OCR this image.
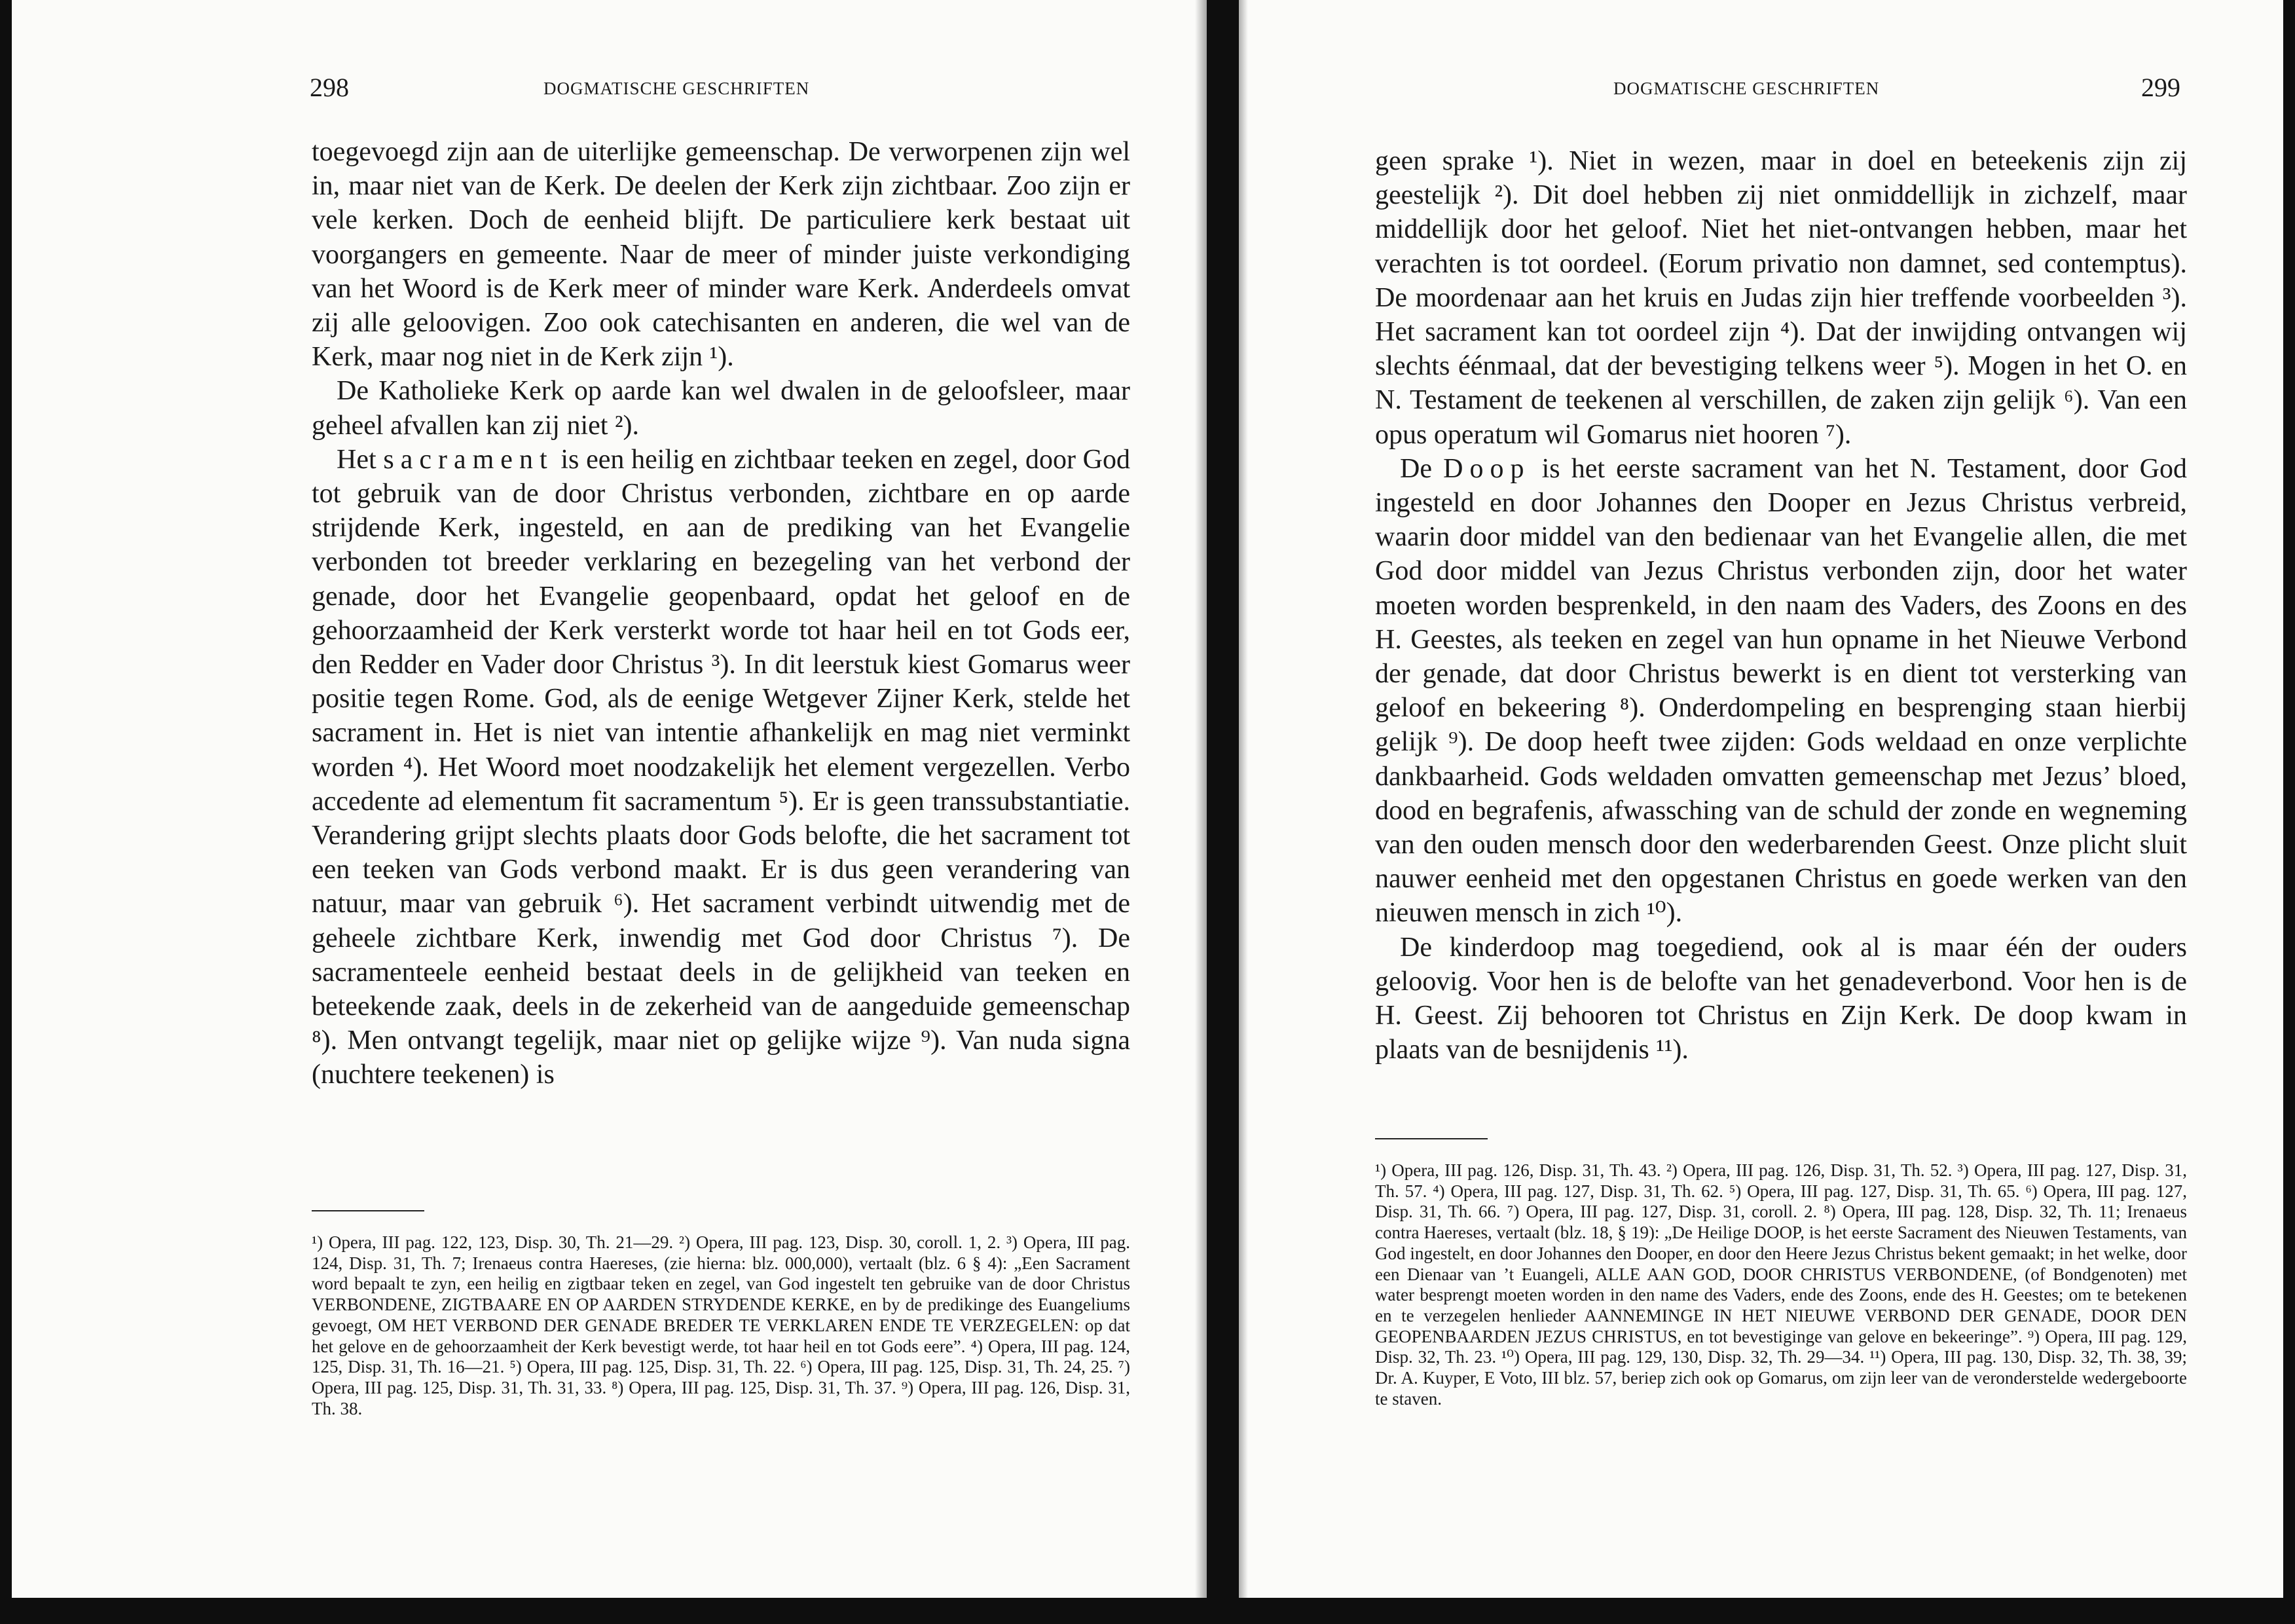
298	DOGMATISCHE GESCHRIFTEN

toegevoegd zijn aan de uiterlijke gemeenschap. De verworpenen zijn wel in, maar niet van de Kerk. De deelen der Kerk zijn zichtbaar. Zoo zijn er vele kerken. Doch de eenheid blijft. De particuliere kerk bestaat uit voorgangers en gemeente. Naar de meer of minder juiste verkondiging van het Woord is de Kerk meer of minder ware Kerk. Anderdeels omvat zij alle geloovigen. Zoo ook catechisanten en anderen, die wel van de Kerk, maar nog niet in de Kerk zijn ¹).

De Katholieke Kerk op aarde kan wel dwalen in de geloofsleer, maar geheel afvallen kan zij niet ²).

Het sacrament is een heilig en zichtbaar teeken en zegel, door God tot gebruik van de door Christus verbonden, zichtbare en op aarde strijdende Kerk, ingesteld, en aan de prediking van het Evangelie verbonden tot breeder verklaring en bezegeling van het verbond der genade, door het Evangelie geopenbaard, opdat het geloof en de gehoorzaamheid der Kerk versterkt worde tot haar heil en tot Gods eer, den Redder en Vader door Christus ³). In dit leerstuk kiest Gomarus weer positie tegen Rome. God, als de eenige Wetgever Zijner Kerk, stelde het sacrament in. Het is niet van intentie afhankelijk en mag niet verminkt worden ⁴). Het Woord moet noodzakelijk het element vergezellen. Verbo accedente ad elementum fit sacramentum ⁵). Er is geen transsubstantiatie. Verandering grijpt slechts plaats door Gods belofte, die het sacrament tot een teeken van Gods verbond maakt. Er is dus geen verandering van natuur, maar van gebruik ⁶). Het sacrament verbindt uitwendig met de geheele zichtbare Kerk, inwendig met God door Christus ⁷). De sacramenteele eenheid bestaat deels in de gelijkheid van teeken en beteekende zaak, deels in de zekerheid van de aangeduide gemeenschap ⁸). Men ontvangt tegelijk, maar niet op gelijke wijze ⁹). Van nuda signa (nuchtere teekenen) is

¹) Opera, III pag. 122, 123, Disp. 30, Th. 21—29. ²) Opera, III pag. 123, Disp. 30, coroll. 1, 2. ³) Opera, III pag. 124, Disp. 31, Th. 7; Irenaeus contra Haereses, (zie hierna: blz. 000,000), vertaalt (blz. 6 § 4): „Een Sacrament word bepaalt te zyn, een heilig en zigtbaar teken en zegel, van God ingestelt ten gebruike van de door Christus VERBONDENE, ZIGTBAARE EN OP AARDEN STRYDENDE KERKE, en by de predikinge des Euangeliums gevoegt, OM HET VERBOND DER GENADE BREDER TE VERKLAREN ENDE TE VERZEGELEN: op dat het gelove en de gehoorzaamheit der Kerk bevestigt werde, tot haar heil en tot Gods eere”. ⁴) Opera, III pag. 124, 125, Disp. 31, Th. 16—21. ⁵) Opera, III pag. 125, Disp. 31, Th. 22. ⁶) Opera, III pag. 125, Disp. 31, Th. 24, 25. ⁷) Opera, III pag. 125, Disp. 31, Th. 31, 33. ⁸) Opera, III pag. 125, Disp. 31, Th. 37. ⁹) Opera, III pag. 126, Disp. 31, Th. 38.

DOGMATISCHE GESCHRIFTEN	299

geen sprake ¹). Niet in wezen, maar in doel en beteekenis zijn zij geestelijk ²). Dit doel hebben zij niet onmiddellijk in zichzelf, maar middellijk door het geloof. Niet het niet-ontvangen hebben, maar het verachten is tot oordeel. (Eorum privatio non damnet, sed contemptus). De moordenaar aan het kruis en Judas zijn hier treffende voorbeelden ³). Het sacrament kan tot oordeel zijn ⁴). Dat der inwijding ontvangen wij slechts éénmaal, dat der bevestiging telkens weer ⁵). Mogen in het O. en N. Testament de teekenen al verschillen, de zaken zijn gelijk ⁶). Van een opus operatum wil Gomarus niet hooren ⁷).

De Doop is het eerste sacrament van het N. Testament, door God ingesteld en door Johannes den Dooper en Jezus Christus verbreid, waarin door middel van den bedienaar van het Evangelie allen, die met God door middel van Jezus Christus verbonden zijn, door het water moeten worden besprenkeld, in den naam des Vaders, des Zoons en des H. Geestes, als teeken en zegel van hun opname in het Nieuwe Verbond der genade, dat door Christus bewerkt is en dient tot versterking van geloof en bekeering ⁸). Onderdompeling en besprenging staan hierbij gelijk ⁹). De doop heeft twee zijden: Gods weldaad en onze verplichte dankbaarheid. Gods weldaden omvatten gemeenschap met Jezus’ bloed, dood en begrafenis, afwassching van de schuld der zonde en wegneming van den ouden mensch door den wederbarenden Geest. Onze plicht sluit nauwer eenheid met den opgestanen Christus en goede werken van den nieuwen mensch in zich ¹⁰).

De kinderdoop mag toegediend, ook al is maar één der ouders geloovig. Voor hen is de belofte van het genadeverbond. Voor hen is de H. Geest. Zij behooren tot Christus en Zijn Kerk. De doop kwam in plaats van de besnijdenis ¹¹).

¹) Opera, III pag. 126, Disp. 31, Th. 43. ²) Opera, III pag. 126, Disp. 31, Th. 52. ³) Opera, III pag. 127, Disp. 31, Th. 57. ⁴) Opera, III pag. 127, Disp. 31, Th. 62. ⁵) Opera, III pag. 127, Disp. 31, Th. 65. ⁶) Opera, III pag. 127, Disp. 31, Th. 66. ⁷) Opera, III pag. 127, Disp. 31, coroll. 2. ⁸) Opera, III pag. 128, Disp. 32, Th. 11; Irenaeus contra Haereses, vertaalt (blz. 18, § 19): „De Heilige DOOP, is het eerste Sacrament des Nieuwen Testaments, van God ingestelt, en door Johannes den Dooper, en door den Heere Jezus Christus bekent gemaakt; in het welke, door een Dienaar van ’t Euangeli, ALLE AAN GOD, DOOR CHRISTUS VERBONDENE, (of Bondgenoten) met water besprengt moeten worden in den name des Vaders, ende des Zoons, ende des H. Geestes; om te betekenen en te verzegelen henlieder AANNEMINGE IN HET NIEUWE VERBOND DER GENADE, DOOR DEN GEOPENBAARDEN JEZUS CHRISTUS, en tot bevestiginge van gelove en bekeeringe”. ⁹) Opera, III pag. 129, Disp. 32, Th. 23. ¹⁰) Opera, III pag. 129, 130, Disp. 32, Th. 29—34. ¹¹) Opera, III pag. 130, Disp. 32, Th. 38, 39; Dr. A. Kuyper, E Voto, III blz. 57, beriep zich ook op Gomarus, om zijn leer van de veronderstelde wedergeboorte te staven.
